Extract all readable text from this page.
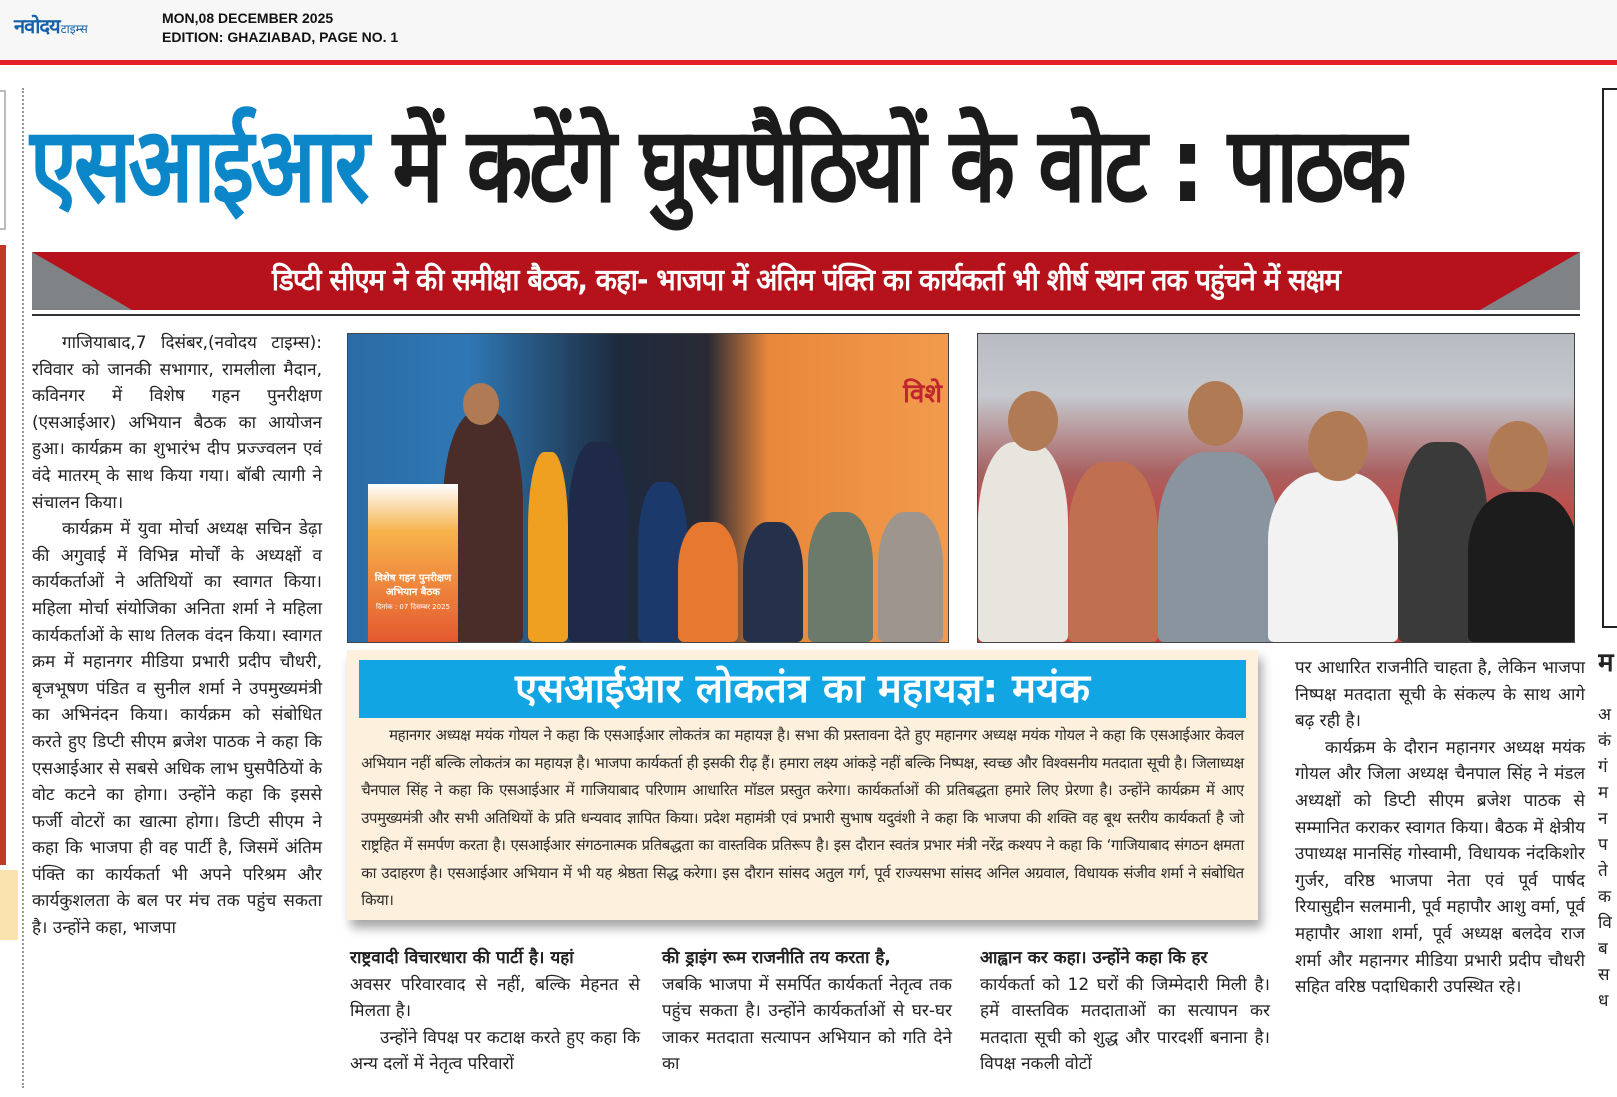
नवोदय टाइम्स
MON,08 DECEMBER 2025
EDITION: GHAZIABAD, PAGE NO. 1
एसआईआर में कटेंगे घुसपैठियों के वोट : पाठक
डिप्टी सीएम ने की समीक्षा बैठक, कहा- भाजपा में अंतिम पंक्ति का कार्यकर्ता भी शीर्ष स्थान तक पहुंचने में सक्षम

गाजियाबाद,7 दिसंबर,(नवोदय टाइम्स): रविवार को जानकी सभागार, रामलीला मैदान, कविनगर में विशेष गहन पुनरीक्षण (एसआईआर) अभियान बैठक का आयोजन हुआ। कार्यक्रम का शुभारंभ दीप प्रज्ज्वलन एवं वंदे मातरम् के साथ किया गया। बॉबी त्यागी ने संचालन किया।

कार्यक्रम में युवा मोर्चा अध्यक्ष सचिन डेढ़ा की अगुवाई में विभिन्न मोर्चों के अध्यक्षों व कार्यकर्ताओं ने अतिथियों का स्वागत किया। महिला मोर्चा संयोजिका अनिता शर्मा ने महिला कार्यकर्ताओं के साथ तिलक वंदन किया। स्वागत क्रम में महानगर मीडिया प्रभारी प्रदीप चौधरी, बृजभूषण पंडित व सुनील शर्मा ने उपमुख्यमंत्री का अभिनंदन किया। कार्यक्रम को संबोधित करते हुए डिप्टी सीएम ब्रजेश पाठक ने कहा कि एसआईआर से सबसे अधिक लाभ घुसपैठियों के वोट कटने का होगा। उन्होंने कहा कि इससे फर्जी वोटरों का खात्मा होगा। डिप्टी सीएम ने कहा कि भाजपा ही वह पार्टी है, जिसमें अंतिम पंक्ति का कार्यकर्ता भी अपने परिश्रम और कार्यकुशलता के बल पर मंच तक पहुंच सकता है। उन्होंने कहा, भाजपा

विशेष गहन पुनरीक्षण
अभियान बैठक
दिनांक : 07 दिसम्बर 2025
विशे
एसआईआर लोकतंत्र का महायज्ञ: मयंक
महानगर अध्यक्ष मयंक गोयल ने कहा कि एसआईआर लोकतंत्र का महायज्ञ है। सभा की प्रस्तावना देते हुए महानगर अध्यक्ष मयंक गोयल ने कहा कि एसआईआर केवल अभियान नहीं बल्कि लोकतंत्र का महायज्ञ है। भाजपा कार्यकर्ता ही इसकी रीढ़ हैं। हमारा लक्ष्य आंकड़े नहीं बल्कि निष्पक्ष, स्वच्छ और विश्वसनीय मतदाता सूची है। जिलाध्यक्ष चैनपाल सिंह ने कहा कि एसआईआर में गाजियाबाद परिणाम आधारित मॉडल प्रस्तुत करेगा। कार्यकर्ताओं की प्रतिबद्धता हमारे लिए प्रेरणा है। उन्होंने कार्यक्रम में आए उपमुख्यमंत्री और सभी अतिथियों के प्रति धन्यवाद ज्ञापित किया। प्रदेश महामंत्री एवं प्रभारी सुभाष यदुवंशी ने कहा कि भाजपा की शक्ति वह बूथ स्तरीय कार्यकर्ता है जो राष्ट्रहित में समर्पण करता है। एसआईआर संगठनात्मक प्रतिबद्धता का वास्तविक प्रतिरूप है। इस दौरान स्वतंत्र प्रभार मंत्री नरेंद्र कश्यप ने कहा कि ‘गाजियाबाद संगठन क्षमता का उदाहरण है। एसआईआर अभियान में भी यह श्रेष्ठता सिद्ध करेगा। इस दौरान सांसद अतुल गर्ग, पूर्व राज्यसभा सांसद अनिल अग्रवाल, विधायक संजीव शर्मा ने संबोधित किया।

राष्ट्रवादी विचारधारा की पार्टी है। यहां

अवसर परिवारवाद से नहीं, बल्कि मेहनत से मिलता है।

उन्होंने विपक्ष पर कटाक्ष करते हुए कहा कि अन्य दलों में नेतृत्व परिवारों

की ड्राइंग रूम राजनीति तय करता है,

जबकि भाजपा में समर्पित कार्यकर्ता नेतृत्व तक पहुंच सकता है। उन्होंने कार्यकर्ताओं से घर-घर जाकर मतदाता सत्यापन अभियान को गति देने का

आह्वान कर कहा। उन्होंने कहा कि हर

कार्यकर्ता को 12 घरों की जिम्मेदारी मिली है। हमें वास्तविक मतदाताओं का सत्यापन कर मतदाता सूची को शुद्ध और पारदर्शी बनाना है। विपक्ष नकली वोटों

पर आधारित राजनीति चाहता है, लेकिन भाजपा निष्पक्ष मतदाता सूची के संकल्प के साथ आगे बढ़ रही है।

कार्यक्रम के दौरान महानगर अध्यक्ष मयंक गोयल और जिला अध्यक्ष चैनपाल सिंह ने मंडल अध्यक्षों को डिप्टी सीएम ब्रजेश पाठक से सम्मानित कराकर स्वागत किया। बैठक में क्षेत्रीय उपाध्यक्ष मानसिंह गोस्वामी, विधायक नंदकिशोर गुर्जर, वरिष्ठ भाजपा नेता एवं पूर्व पार्षद रियासुद्दीन सलमानी, पूर्व महापौर आशु वर्मा, पूर्व महापौर आशा शर्मा, पूर्व अध्यक्ष बलदेव राज शर्मा और महानगर मीडिया प्रभारी प्रदीप चौधरी सहित वरिष्ठ पदाधिकारी उपस्थित रहे।

म
अ
कं
गं
म
न
प
ते
क
वि
ब
स
ध
